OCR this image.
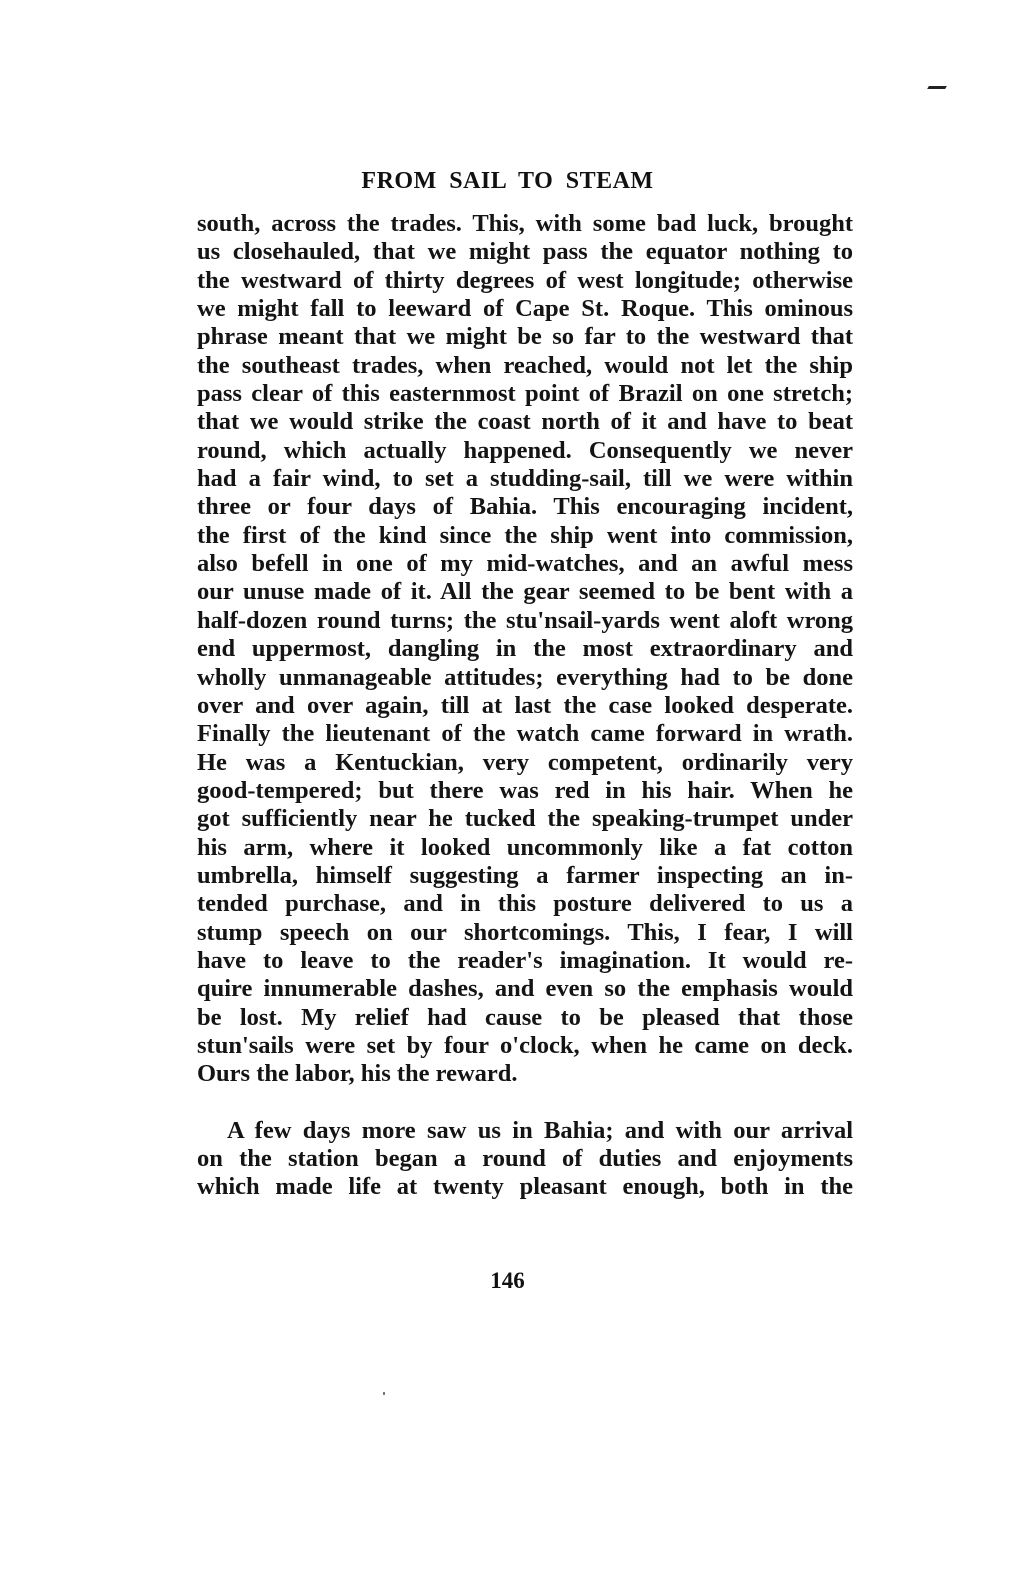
FROM SAIL TO STEAM
south, across the trades. This, with some bad luck, brought
us closehauled, that we might pass the equator nothing to
the westward of thirty degrees of west longitude; otherwise
we might fall to leeward of Cape St. Roque. This ominous
phrase meant that we might be so far to the westward that
the southeast trades, when reached, would not let the ship
pass clear of this easternmost point of Brazil on one stretch;
that we would strike the coast north of it and have to beat
round, which actually happened. Consequently we never
had a fair wind, to set a studding-sail, till we were within
three or four days of Bahia. This encouraging incident,
the first of the kind since the ship went into commission,
also befell in one of my mid-watches, and an awful mess
our unuse made of it. All the gear seemed to be bent with a
half-dozen round turns; the stu'nsail-yards went aloft wrong
end uppermost, dangling in the most extraordinary and
wholly unmanageable attitudes; everything had to be done
over and over again, till at last the case looked desperate.
Finally the lieutenant of the watch came forward in wrath.
He was a Kentuckian, very competent, ordinarily very
good-tempered; but there was red in his hair. When he
got sufficiently near he tucked the speaking-trumpet under
his arm, where it looked uncommonly like a fat cotton
umbrella, himself suggesting a farmer inspecting an in-
tended purchase, and in this posture delivered to us a
stump speech on our shortcomings. This, I fear, I will
have to leave to the reader's imagination. It would re-
quire innumerable dashes, and even so the emphasis would
be lost. My relief had cause to be pleased that those
stun'sails were set by four o'clock, when he came on deck.
Ours the labor, his the reward.
A few days more saw us in Bahia; and with our arrival
on the station began a round of duties and enjoyments
which made life at twenty pleasant enough, both in the
146
